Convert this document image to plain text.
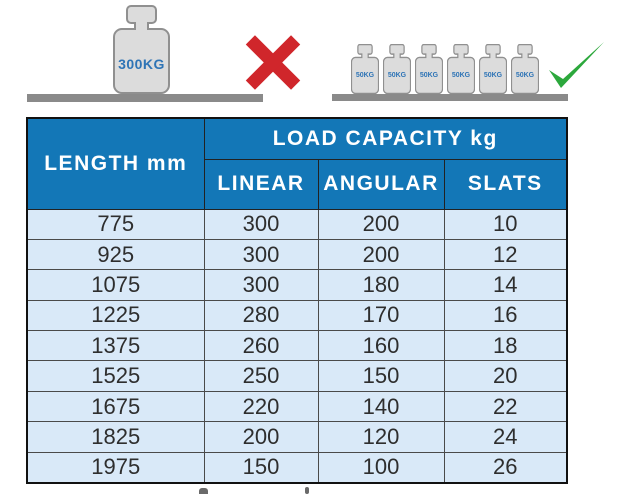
300KG
50KG	50KG	50KG	50KG	50KG	50KG
LENGTH mm	LOAD CAPACITY kg		
	LINEAR	ANGULAR	SLATS
775	300	200	10
925	300	200	12
1075	300	180	14
1225	280	170	16
1375	260	160	18
1525	250	150	20
1675	220	140	22
1825	200	120	24
1975	150	100	26
